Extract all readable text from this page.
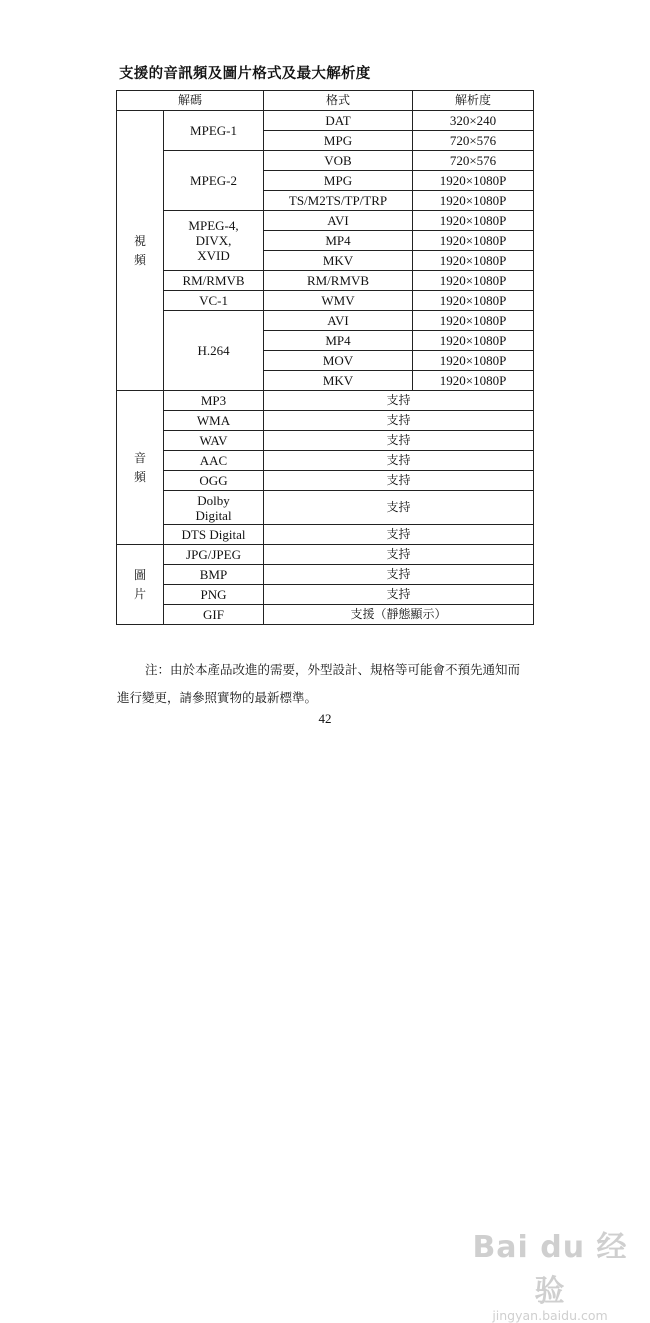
支援的音訊頻及圖片格式及最大解析度
解碼		格式	解析度
視
頻	MPEG-1	DAT	320×240
		MPG	720×576
	MPEG-2	VOB	720×576
		MPG	1920×1080P
		TS/M2TS/TP/TRP	1920×1080P
	MPEG-4,
DIVX,
XVID	AVI	1920×1080P
		MP4	1920×1080P
		MKV	1920×1080P
	RM/RMVB	RM/RMVB	1920×1080P
	VC-1	WMV	1920×1080P
	H.264	AVI	1920×1080P
		MP4	1920×1080P
		MOV	1920×1080P
		MKV	1920×1080P
音
頻	MP3	支持	
	WMA	支持	
	WAV	支持	
	AAC	支持	
	OGG	支持	
	Dolby
Digital	支持	
	DTS Digital	支持	
圖
片	JPG/JPEG	支持	
	BMP	支持	
	PNG	支持	
	GIF	支援（靜態顯示）	
注：由於本產品改進的需要，外型設計、規格等可能會不預先通知而進行變更，請參照實物的最新標準。
42
Bai du 经验
jingyan.baidu.com
